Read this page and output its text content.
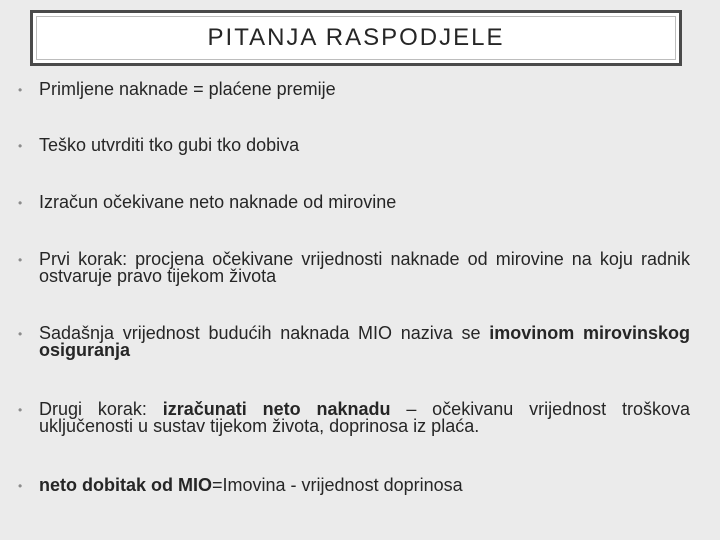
PITANJA RASPODJELE
• Primljene naknade = plaćene premije
• Teško utvrditi tko gubi tko dobiva
• Izračun očekivane neto naknade od mirovine
• Prvi korak: procjena očekivane vrijednosti naknade od mirovine na koju radnik ostvaruje pravo tijekom života
• Sadašnja vrijednost budućih naknada MIO naziva se imovinom mirovinskog osiguranja
• Drugi korak: izračunati neto naknadu – očekivanu vrijednost troškova uključenosti u sustav tijekom života, doprinosa iz plaća.
• neto dobitak od MIO=Imovina - vrijednost doprinosa
